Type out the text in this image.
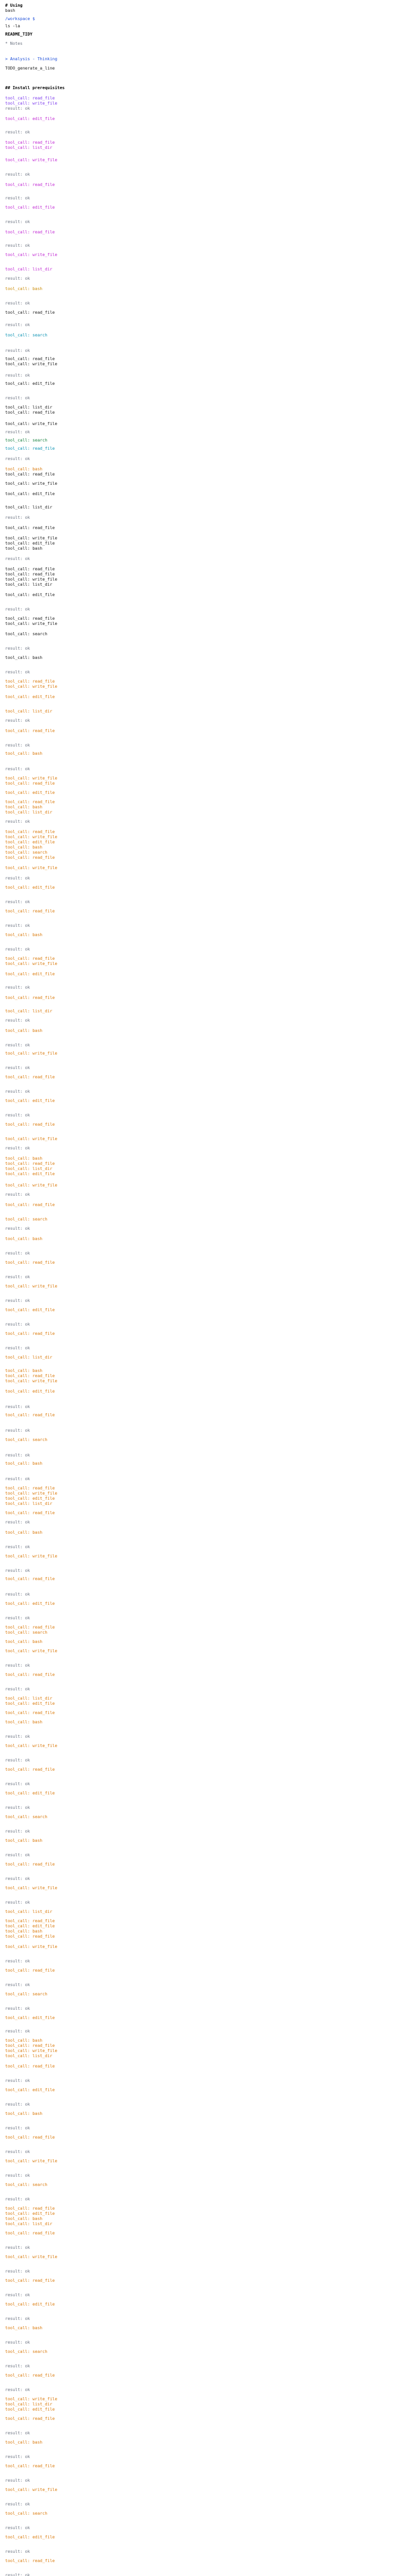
# Using
bash
/workspace $
ls -la
README_TIDY
* Notes
> Analysis - Thinking
TODO_generate_a_line
## Install prerequisites
tool_call: read_file
tool_call: write_file
result: ok
tool_call: edit_file
result: ok
tool_call: read_file
tool_call: list_dir
tool_call: write_file
result: ok
tool_call: read_file
result: ok
tool_call: edit_file
result: ok
tool_call: read_file
result: ok
tool_call: write_file
tool_call: list_dir
result: ok
tool_call: bash
result: ok
tool_call: read_file
result: ok
tool_call: search
result: ok
tool_call: read_file
tool_call: write_file
result: ok
tool_call: edit_file
result: ok
tool_call: list_dir
tool_call: read_file
tool_call: write_file
result: ok
tool_call: search
tool_call: read_file
result: ok
tool_call: bash
tool_call: read_file
tool_call: write_file
tool_call: edit_file
tool_call: list_dir
result: ok
tool_call: read_file
tool_call: write_file
tool_call: edit_file
tool_call: bash
result: ok
tool_call: read_file
tool_call: read_file
tool_call: write_file
tool_call: list_dir
tool_call: edit_file
result: ok
tool_call: read_file
tool_call: write_file
tool_call: search
result: ok
tool_call: bash
result: ok
tool_call: read_file
tool_call: write_file
tool_call: edit_file
tool_call: list_dir
result: ok
tool_call: read_file
result: ok
tool_call: bash
result: ok
tool_call: write_file
tool_call: read_file
tool_call: edit_file
tool_call: read_file
tool_call: bash
tool_call: list_dir
result: ok
tool_call: read_file
tool_call: write_file
tool_call: edit_file
tool_call: bash
tool_call: search
tool_call: read_file
tool_call: write_file
result: ok
tool_call: edit_file
result: ok
tool_call: read_file
result: ok
tool_call: bash
result: ok
tool_call: read_file
tool_call: write_file
tool_call: edit_file
result: ok
tool_call: read_file
tool_call: list_dir
result: ok
tool_call: bash
result: ok
tool_call: write_file
result: ok
tool_call: read_file
result: ok
tool_call: edit_file
result: ok
tool_call: read_file
tool_call: write_file
result: ok
tool_call: bash
tool_call: read_file
tool_call: list_dir
tool_call: edit_file
tool_call: write_file
result: ok
tool_call: read_file
tool_call: search
result: ok
tool_call: bash
result: ok
tool_call: read_file
result: ok
tool_call: write_file
result: ok
tool_call: edit_file
result: ok
tool_call: read_file
result: ok
tool_call: list_dir
tool_call: bash
tool_call: read_file
tool_call: write_file
tool_call: edit_file
result: ok
tool_call: read_file
result: ok
tool_call: search
result: ok
tool_call: bash
result: ok
tool_call: read_file
tool_call: write_file
tool_call: edit_file
tool_call: list_dir
tool_call: read_file
result: ok
tool_call: bash
result: ok
tool_call: write_file
result: ok
tool_call: read_file
result: ok
tool_call: edit_file
result: ok
tool_call: read_file
tool_call: search
tool_call: bash
tool_call: write_file
result: ok
tool_call: read_file
result: ok
tool_call: list_dir
tool_call: edit_file
tool_call: read_file
tool_call: bash
result: ok
tool_call: write_file
result: ok
tool_call: read_file
result: ok
tool_call: edit_file
result: ok
tool_call: search
result: ok
tool_call: bash
result: ok
tool_call: read_file
result: ok
tool_call: write_file
result: ok
tool_call: list_dir
tool_call: read_file
tool_call: edit_file
tool_call: bash
tool_call: read_file
tool_call: write_file
result: ok
tool_call: read_file
result: ok
tool_call: search
result: ok
tool_call: edit_file
result: ok
tool_call: bash
tool_call: read_file
tool_call: write_file
tool_call: list_dir
tool_call: read_file
result: ok
tool_call: edit_file
result: ok
tool_call: bash
result: ok
tool_call: read_file
result: ok
tool_call: write_file
result: ok
tool_call: search
result: ok
tool_call: read_file
tool_call: edit_file
tool_call: bash
tool_call: list_dir
tool_call: read_file
result: ok
tool_call: write_file
result: ok
tool_call: read_file
result: ok
tool_call: edit_file
result: ok
tool_call: bash
result: ok
tool_call: search
result: ok
tool_call: read_file
result: ok
tool_call: write_file
tool_call: list_dir
tool_call: edit_file
tool_call: read_file
result: ok
tool_call: bash
result: ok
tool_call: read_file
result: ok
tool_call: write_file
result: ok
tool_call: search
result: ok
tool_call: edit_file
result: ok
tool_call: read_file
result: ok
